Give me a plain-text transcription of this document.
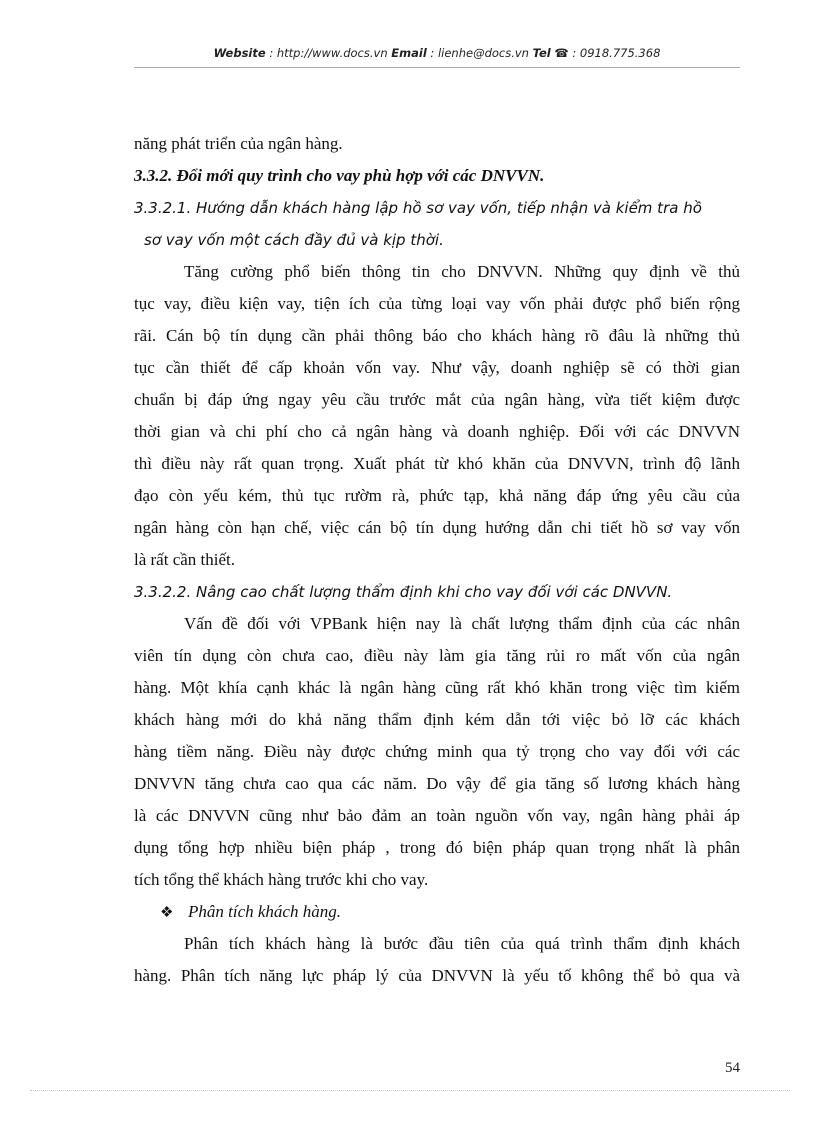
Website : http://www.docs.vn Email : lienhe@docs.vn Tel ☎ : 0918.775.368
năng phát triển của ngân hàng.
3.3.2. Đổi mới quy trình cho vay phù hợp với các DNVVN.
3.3.2.1. Hướng dẫn khách hàng lập hồ sơ vay vốn, tiếp nhận và kiểm tra hồ
sơ vay vốn một cách đầy đủ và kịp thời.
Tăng cường phổ biến thông tin cho DNVVN. Những quy định về thủ
tục vay, điều kiện vay, tiện ích của từng loại vay vốn phải được phổ biến rộng
rãi. Cán bộ tín dụng cần phải thông báo cho khách hàng rõ đâu là những thủ
tục cần thiết để cấp khoản vốn vay. Như vậy, doanh nghiệp sẽ có thời gian
chuẩn bị đáp ứng ngay yêu cầu trước mắt của ngân hàng, vừa tiết kiệm được
thời gian và chi phí cho cả ngân hàng và doanh nghiệp. Đối với các DNVVN
thì điều này rất quan trọng. Xuất phát từ khó khăn của DNVVN, trình độ lãnh
đạo còn yếu kém, thủ tục rườm rà, phức tạp, khả năng đáp ứng yêu cầu của
ngân hàng còn hạn chế, việc cán bộ tín dụng hướng dẫn chi tiết hồ sơ vay vốn
là rất cần thiết.
3.3.2.2. Nâng cao chất lượng thẩm định khi cho vay đối với các DNVVN.
Vấn đề đối với VPBank hiện nay là chất lượng thẩm định của các nhân
viên tín dụng còn chưa cao, điều này làm gia tăng rủi ro mất vốn của ngân
hàng. Một khía cạnh khác là ngân hàng cũng rất khó khăn trong việc tìm kiếm
khách hàng mới do khả năng thẩm định kém dẫn tới việc bỏ lỡ các khách
hàng tiềm năng. Điều này được chứng minh qua tỷ trọng cho vay đối với các
DNVVN tăng chưa cao qua các năm. Do vậy để gia tăng số lương khách hàng
là các DNVVN cũng như bảo đảm an toàn nguồn vốn vay, ngân hàng phải áp
dụng tổng hợp nhiều biện pháp , trong đó biện pháp quan trọng nhất là phân
tích tổng thể khách hàng trước khi cho vay.
❖ Phân tích khách hàng.
Phân tích khách hàng là bước đầu tiên của quá trình thẩm định khách
hàng. Phân tích năng lực pháp lý của DNVVN là yếu tố không thể bỏ qua và
54
